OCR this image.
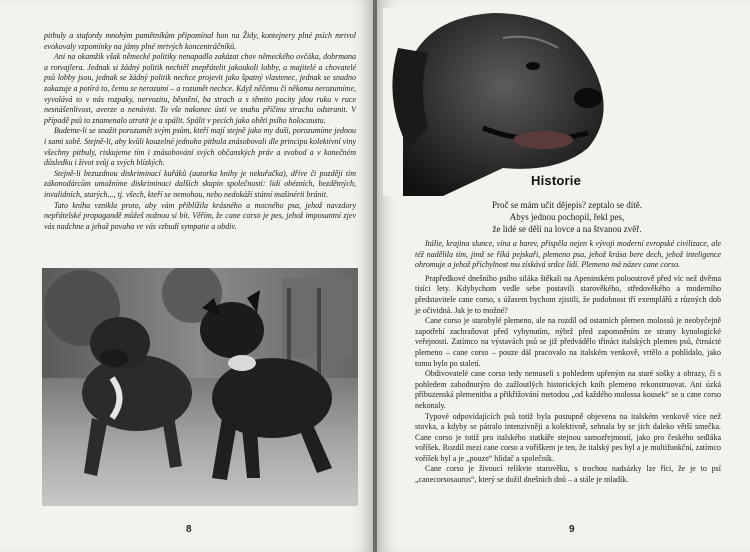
pitbuly a stafordy mnohým pamětníkům připomínal hon na Židy, kontejnery plné psích mrtvol evokovaly vzpomínky na jámy plné mrtvých koncentráčníků.

Ani na okamžik však německé politiky nenapadlo zakázat chov německého ovčáka, dobrmana a rotvajlera. Jednak si žádný politik nechtěl znepřátelit jakoukoli lobby, a majitelé a chovatelé psů lobby jsou, jednak se žádný politik nechce projevit jako špatný vlastenec, jednak se snadno zakazuje a potírá to, čemu se nerozumí – a rozumět nechce. Když něčemu či někomu nerozumíme, vyvolává to v nás rozpaky, nervozitu, běsnění, ba strach a s těmito pocity jdou ruku v ruce nesnášenlivost, averze a nenávist. To vše nakonec ústí ve snahu příčinu strachu odstranit. V případě psů to znamenalo utratit je a spálit. Spálit v pecích jako oběti psího holocaustu.

Budeme-li se snažit porozumět svým psům, kteří mají stejně jako my duši, porozumíme jednou i sami sobě. Stejně-li, aby kvůli kouzelné jednoho pitbula znásobovali dle principu kolektivní viny všechny pitbuly, riskujeme tím i znásobování svých občanských práv a svobod a v konečném důsledku i život svůj a svých blízkých.

Stejně-li bezuzdnou diskriminací kuřáků (autorka knihy je nekuřačka), dříve či později tím zákonodárcům umožníme diskriminaci dalších skupin společnosti: lidí obézních, bezdětných, invalidních, starých..., tj. všech, kteří se nemohou, nebo nedokáží státní mašinérii bránit.

Tato kniha vznikla proto, aby vám přiblížila krásného a mocného psa, jehož navzdory nepřátelské propagandě můžeš nožnou si bít. Věřím, že cane corso je pes, jehož imposantní zjev vás nadchne a jehož povaha ve vás vzbudí sympatie a obdiv.

8
Historie
Proč se mám učit dějepis? zeptalo se dítě.
Abys jednou pochopil, řekl pes,
že lidé se dělí na lovce a na štvanou zvěř.

Itálie, krajina slunce, vína a barev, přispěla nejen k vývoji moderní evropské civilizace, ale též nadělila tím, jimž se říká pejskaři, plemeno psa, jehož krása bere dech, jehož inteligence ohromuje a jehož příchylnost mu získává srdce lidí. Plemeno má název cane corso.

Prapředkové dnešního psího siláka štěkali na Apeninském poloostrově před víc než dvěma tisíci lety. Kdybychom vedle sebe postavili starověkého, středověkého a moderního představitele cane corso, s úžasem bychom zjistili, že podobnost tří exemplářů z různých dob je očividná. Jak je to možné?

Cane corso je starobylé plemeno, ale na rozdíl od ostatních plemen molossů je neobyčejně zapotřebí zachraňovat před vyhynutím, nýbrž před zapomněním ze strany kynologické veřejnosti. Zatímco na výstavách psů se již předvádělo třináct italských plemen psů, čtrnácté plemeno – cane corso – pouze dál pracovalo na italském venkově, vrtělo a pohlídalo, jako tomu bylo po staletí.

Obdivovatelé cane corso tedy nemuseli s pohledem upřeným na staré sošky a obrazy, či s pohledem zabodnutým do zažloutlých historických knih plemeno rekonstruovat. Ani úzká příbuzenská plemenitba a přikřižování metodou „od každého molossa kousek“ se u cane corso nekonaly.

Typové odpovídajících psů totiž byla postupně objevena na italském venkově více než stovka, a kdyby se pátralo intenzivněji a kolektivně, sehnala by se jich daleko větší smečka. Cane corso je totiž pro italského statkáře stejnou samozřejmostí, jako pro českého sedláka voříšek. Rozdíl mezi cane corso a voříškem je ten, že italský pes byl a je multifunkční, zatímco voříšek byl a je „pouze“ hlídač a společník.

Cane corso je živoucí relikvie starověku, s trochou nadsázky lze říci, že je to psí „canecorsosaurus“, který se dožil dnešních dnů – a stále je mladík.

9
